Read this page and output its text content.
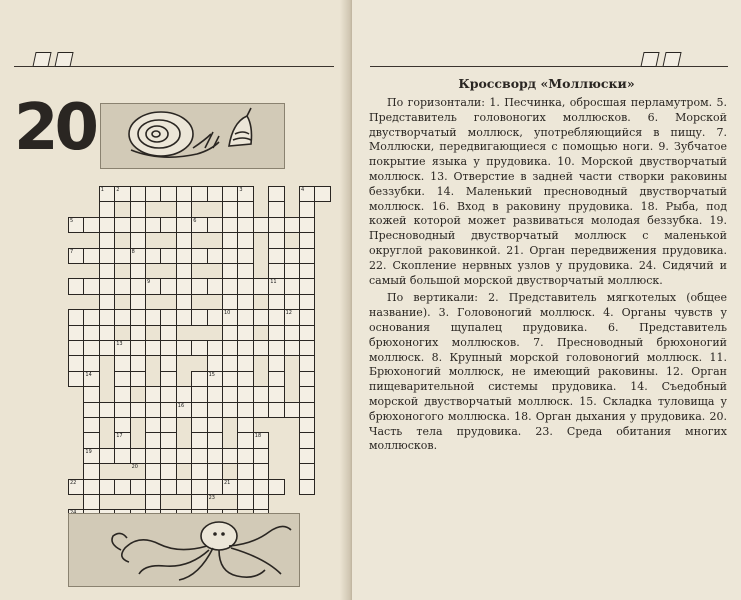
20
1 2	3	4
5	6
7	8
9
10
11
12
13
14	15
16
17	18
19
20
21
22
23
Кроссворд «Моллюски»

По горизонтали: 1. Песчинка, обросшая перламутром. 5. Представитель головоногих моллюсков. 6. Морской двустворчатый моллюск, употребляющийся в пищу. 7. Моллюски, передвигающиеся с помощью ноги. 9. Зубчатое покрытие языка у прудовика. 10. Морской двустворчатый моллюск. 13. Отверстие в задней части створки раковины беззубки. 14. Маленький пресноводный двустворчатый моллюск. 16. Вход в раковину прудовика. 18. Рыба, под кожей которой может развиваться молодая беззубка. 19. Пресноводный двустворчатый моллюск с маленькой округлой раковинкой. 21. Орган передвижения прудовика. 22. Скопление нервных узлов у прудовика. 24. Сидячий и самый большой морской двустворчатый моллюск.

По вертикали: 2. Представитель мягкотелых (общее название). 3. Головоногий моллюск. 4. Органы чувств у основания щупалец прудовика. 6. Представитель брюхоногих моллюсков. 7. Пресноводный брюхоногий моллюск. 8. Крупный морской головоногий моллюск. 11. Брюхоногий моллюск, не имеющий раковины. 12. Орган пищеварительной системы прудовика. 14. Съедобный морской двустворчатый моллюск. 15. Складка туловища у брюхоногого моллюска. 18. Орган дыхания у прудовика. 20. Часть тела прудовика. 23. Среда обитания многих моллюсков.
